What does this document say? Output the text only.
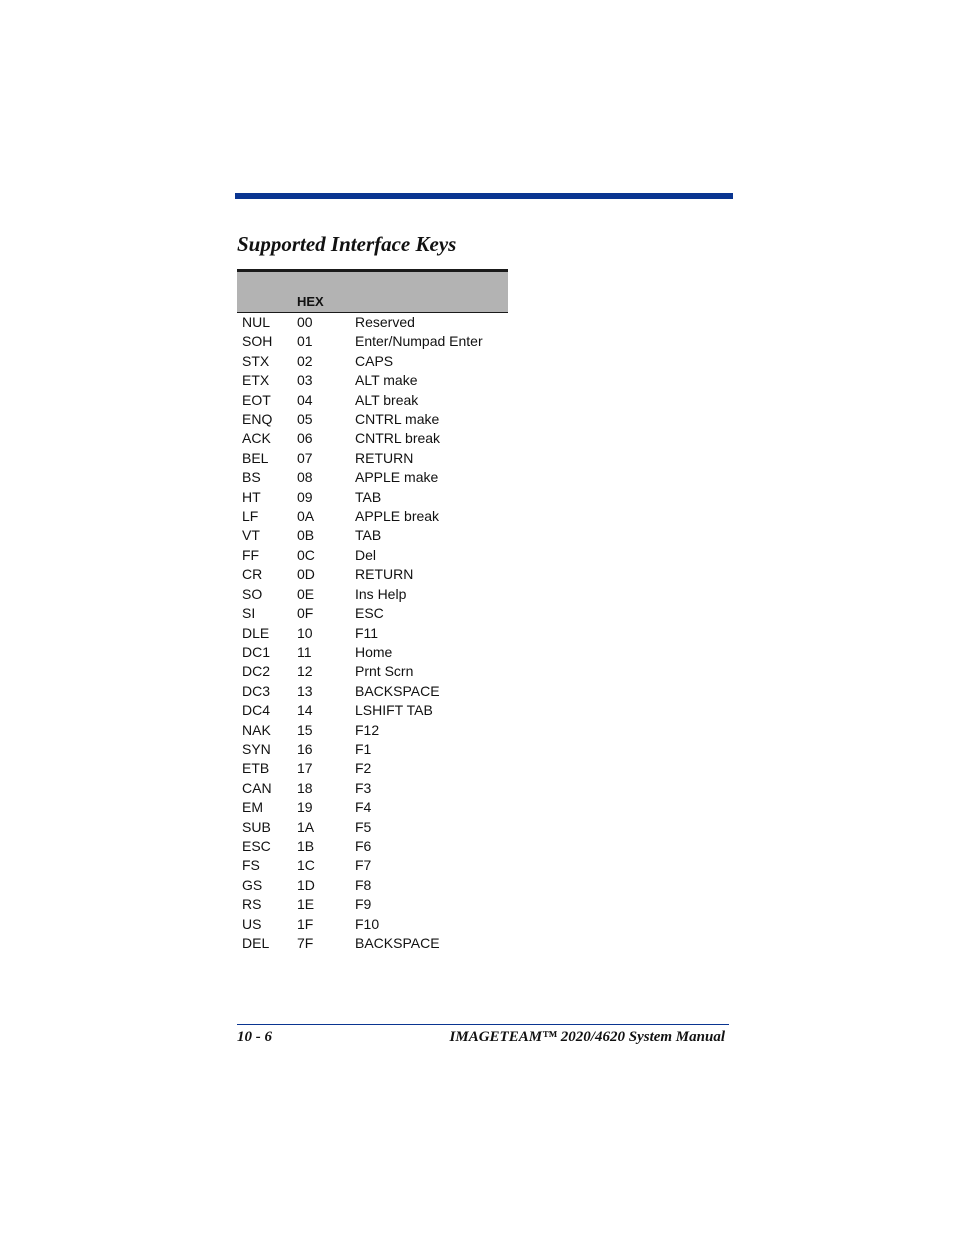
Supported Interface Keys
	HEX	
NUL	00	Reserved
SOH	01	Enter/Numpad Enter
STX	02	CAPS
ETX	03	ALT make
EOT	04	ALT break
ENQ	05	CNTRL make
ACK	06	CNTRL break
BEL	07	RETURN
BS	08	APPLE make
HT	09	TAB
LF	0A	APPLE break
VT	0B	TAB
FF	0C	Del
CR	0D	RETURN
SO	0E	Ins Help
SI	0F	ESC
DLE	10	F11
DC1	11	Home
DC2	12	Prnt Scrn
DC3	13	BACKSPACE
DC4	14	LSHIFT TAB
NAK	15	F12
SYN	16	F1
ETB	17	F2
CAN	18	F3
EM	19	F4
SUB	1A	F5
ESC	1B	F6
FS	1C	F7
GS	1D	F8
RS	1E	F9
US	1F	F10
DEL	7F	BACKSPACE
10 - 6	IMAGETEAM™ 2020/4620 System Manual
